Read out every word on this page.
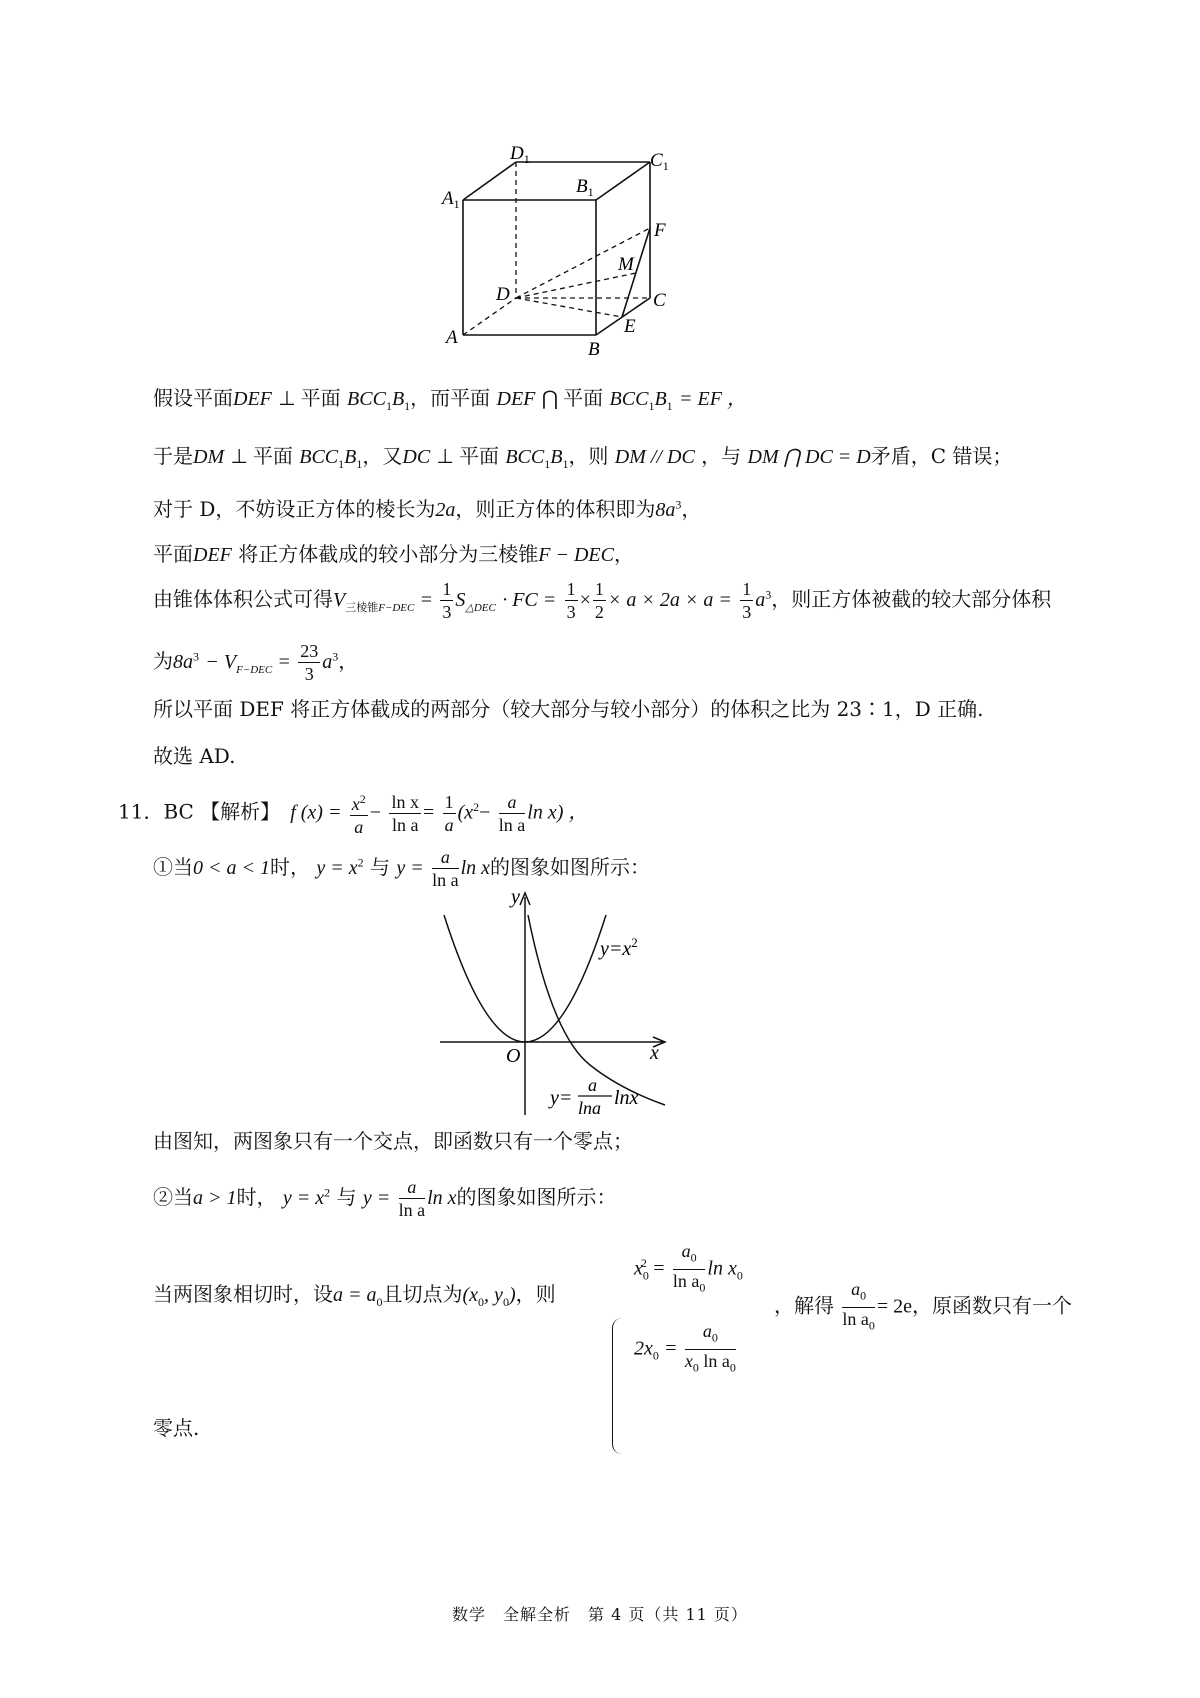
$D_1$	$C_1$
$A_1$
$B_1$
F
M
D	C
E
A
B
假设平面DEF ⊥ 平面 $BCC_1B_1$，而平面 DEF ⋂ 平面 $BCC_1B_1$ = EF ，
于是DM ⊥ 平面 $BCC_1B_1$，又DC ⊥ 平面 $BCC_1B_1$，则 DM // DC ，与 DM ⋂ DC = D矛盾，C 错误；
对于 D，不妨设正方体的棱长为2a，则正方体的体积即为$8a^3$，
平面DEF 将正方体截成的较小部分为三棱锥F − DEC，
由锥体体积公式可得$V_{三棱锥F-DEC} = \frac{1}{3} S_{\triangle DEC}$ · FC = $\frac{1}{3} \times \frac{1}{2} \times a \times 2a \times a = \frac{1}{3} a^3$，则正方体被截的较大部分体积
为$8a^3 - V_{F-DEC} = \frac{23}{3} a^3$，
所以平面 DEF 将正方体截成的两部分（较大部分与较小部分）的体积之比为 23∶1，D 正确.
故选 AD.
11．BC 【解析】　 f $(x) = \frac{x^2}{a} - \frac{\text{ln x}}{\text{ln a}} = \frac{1}{a} (x^2- \frac{a}{\text{ln a}}$ ln x) ，
①当0 < a < 1时， $y = x^2$ 与 $y = \frac{a}{\text{ln a}}$ ln x的图象如图所示：
y
x
O
$y=x^2$
y=
a
lna lnx
由图知，两图象只有一个交点，即函数只有一个零点；
②当a > 1时， $y = x^2$ 与 $y = \frac{a}{\text{ln a}}$ ln x的图象如图所示：
当两图象相切时，设$a = a_0$且切点为($x_0$, $y_0$)，则
$x_0^2 = \frac{a_0}{\ln a_0}$ $\ln x_0$
$2x_0 = \frac{a_0}{x_0 \ln a_0}$
，解得 $\frac{a_0}{\ln a_0} = 2e$，原函数只有一个
零点.
数学　全解全析　第 4 页（共 11 页）
